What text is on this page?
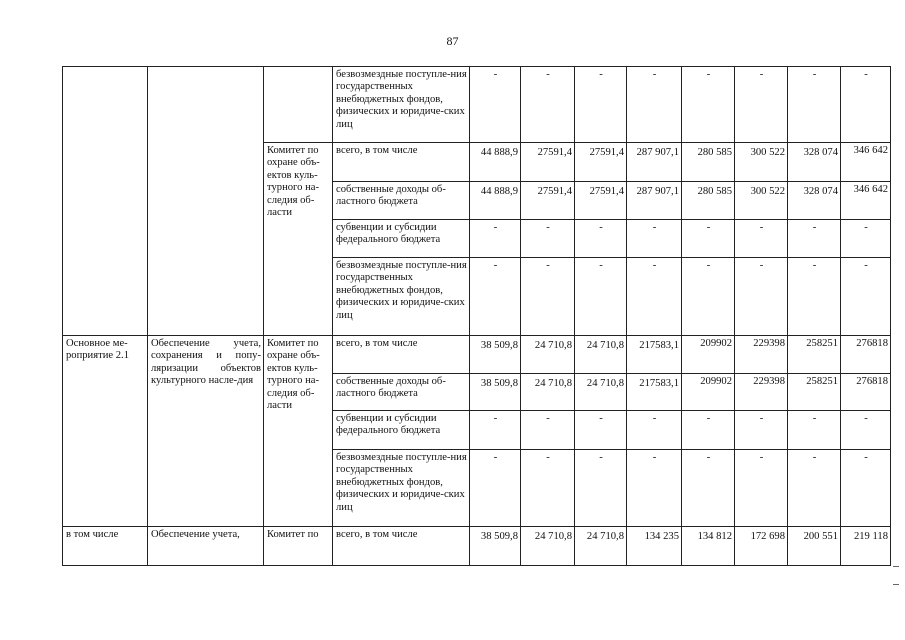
87
			безвозмездные поступле-ния государственных внебюджетных фондов, физических и юридиче-ских лиц	-	-	-	-	-	-	-	-
		Комитет по охране объ-ектов куль-турного на-следия об-ласти	всего, в том числе	44 888,9	27591,4	27591,4	287 907,1	280 585	300 522	328 074	346 642
			собственные доходы об-ластного бюджета	44 888,9	27591,4	27591,4	287 907,1	280 585	300 522	328 074	346 642
			субвенции и субсидии федерального бюджета	-	-	-	-	-	-	-	-
			безвозмездные поступле-ния государственных внебюджетных фондов, физических и юридиче-ских лиц	-	-	-	-	-	-	-	-
Основное ме-роприятие 2.1	Обеспечение учета, сохранения и попу-ляризации объектов культурного насле-дия	Комитет по охране объ-ектов куль-турного на-следия об-ласти	всего, в том числе	38 509,8	24 710,8	24 710,8	217583,1	209902	229398	258251	276818
			собственные доходы об-ластного бюджета	38 509,8	24 710,8	24 710,8	217583,1	209902	229398	258251	276818
			субвенции и субсидии федерального бюджета	-	-	-	-	-	-	-	-
			безвозмездные поступле-ния государственных внебюджетных фондов, физических и юридиче-ских лиц	-	-	-	-	-	-	-	-
в том числе	Обеспечение учета,	Комитет по	всего, в том числе	38 509,8	24 710,8	24 710,8	134 235	134 812	172 698	200 551	219 118
